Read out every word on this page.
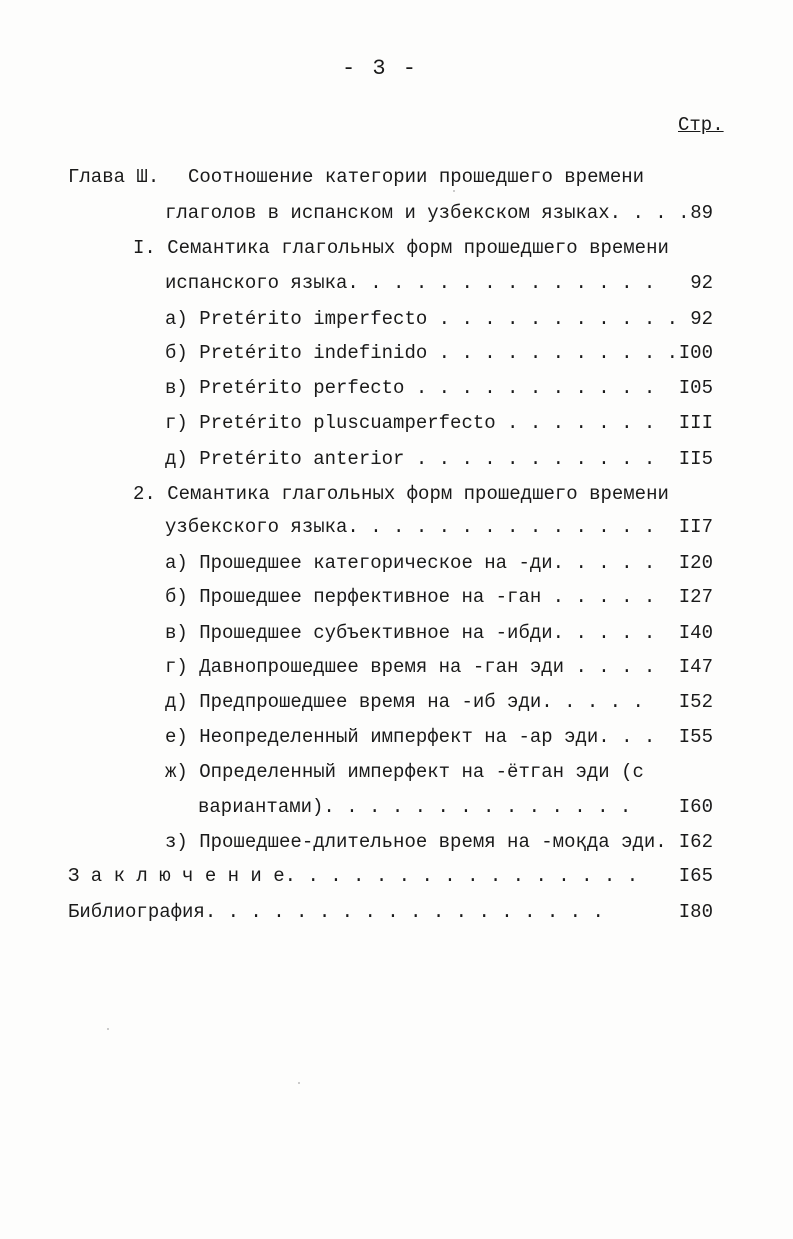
- 3 -
Стр.
Глава Ш. Соотношение категории прошедшего времени
глаголов в испанском и узбекском языках. . . . 89
I. Семантика глагольных форм прошедшего времени
испанского языка. . . . . . . . . . . . . .	92
а) Pretérito imperfecto . . . . . . . . . . . 92
б) Pretérito indefinido . . . . . . . . . . . I00
в) Pretérito perfecto . . . . . . . . . . .	I05
г) Pretérito pluscuamperfecto . . . . . . .	III
д) Pretérito anterior . . . . . . . . . . .	II5
2. Семантика глагольных форм прошедшего времени
узбекского языка. . . . . . . . . . . . . .	II7
а) Прошедшее категорическое на -ди. . . . .	I20
б) Прошедшее перфективное на -ган . . . . .	I27
в) Прошедшее субъективное на -ибди. . . . .	I40
г) Давнопрошедшее время на -ган эди . . . .	I47
д) Предпрошедшее время на -иб эди. . . . .	I52
е) Неопределенный имперфект на -ар эди. . .	I55
ж) Определенный имперфект на -ётган эди (с
вариантами). . . . . . . . . . . . . .	I60
з) Прошедшее-длительное время на -моқда эди. I62
З а к л ю ч е н и е. . . . . . . . . . . . . . . .	I65
Библиография. . . . . . . . . . . . . . . . . .	I80
